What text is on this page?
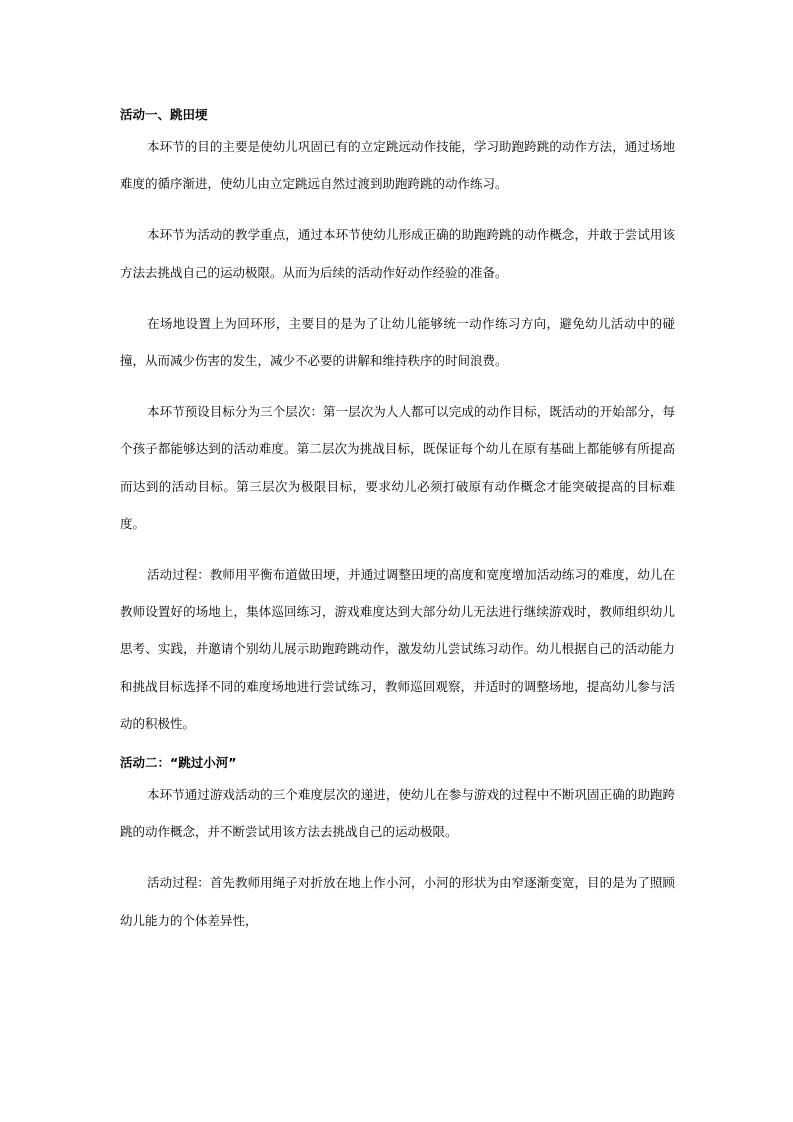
活动一、跳田埂

本环节的目的主要是使幼儿巩固已有的立定跳远动作技能，学习助跑跨跳的动作方法，通过场地难度的循序渐进，使幼儿由立定跳远自然过渡到助跑跨跳的动作练习。

本环节为活动的教学重点，通过本环节使幼儿形成正确的助跑跨跳的动作概念，并敢于尝试用该方法去挑战自己的运动极限。从而为后续的活动作好动作经验的准备。

在场地设置上为回环形，主要目的是为了让幼儿能够统一动作练习方向，避免幼儿活动中的碰撞，从而减少伤害的发生，减少不必要的讲解和维持秩序的时间浪费。

本环节预设目标分为三个层次：第一层次为人人都可以完成的动作目标，既活动的开始部分，每个孩子都能够达到的活动难度。第二层次为挑战目标，既保证每个幼儿在原有基础上都能够有所提高而达到的活动目标。第三层次为极限目标，要求幼儿必须打破原有动作概念才能突破提高的目标难度。

活动过程：教师用平衡布道做田埂，并通过调整田埂的高度和宽度增加活动练习的难度，幼儿在教师设置好的场地上，集体巡回练习，游戏难度达到大部分幼儿无法进行继续游戏时，教师组织幼儿思考、实践，并邀请个别幼儿展示助跑跨跳动作，激发幼儿尝试练习动作。幼儿根据自己的活动能力和挑战目标选择不同的难度场地进行尝试练习，教师巡回观察，并适时的调整场地，提高幼儿参与活动的积极性。

活动二：“跳过小河”

本环节通过游戏活动的三个难度层次的递进，使幼儿在参与游戏的过程中不断巩固正确的助跑跨跳的动作概念，并不断尝试用该方法去挑战自己的运动极限。

活动过程：首先教师用绳子对折放在地上作小河，小河的形状为由窄逐渐变宽，目的是为了照顾幼儿能力的个体差异性，
